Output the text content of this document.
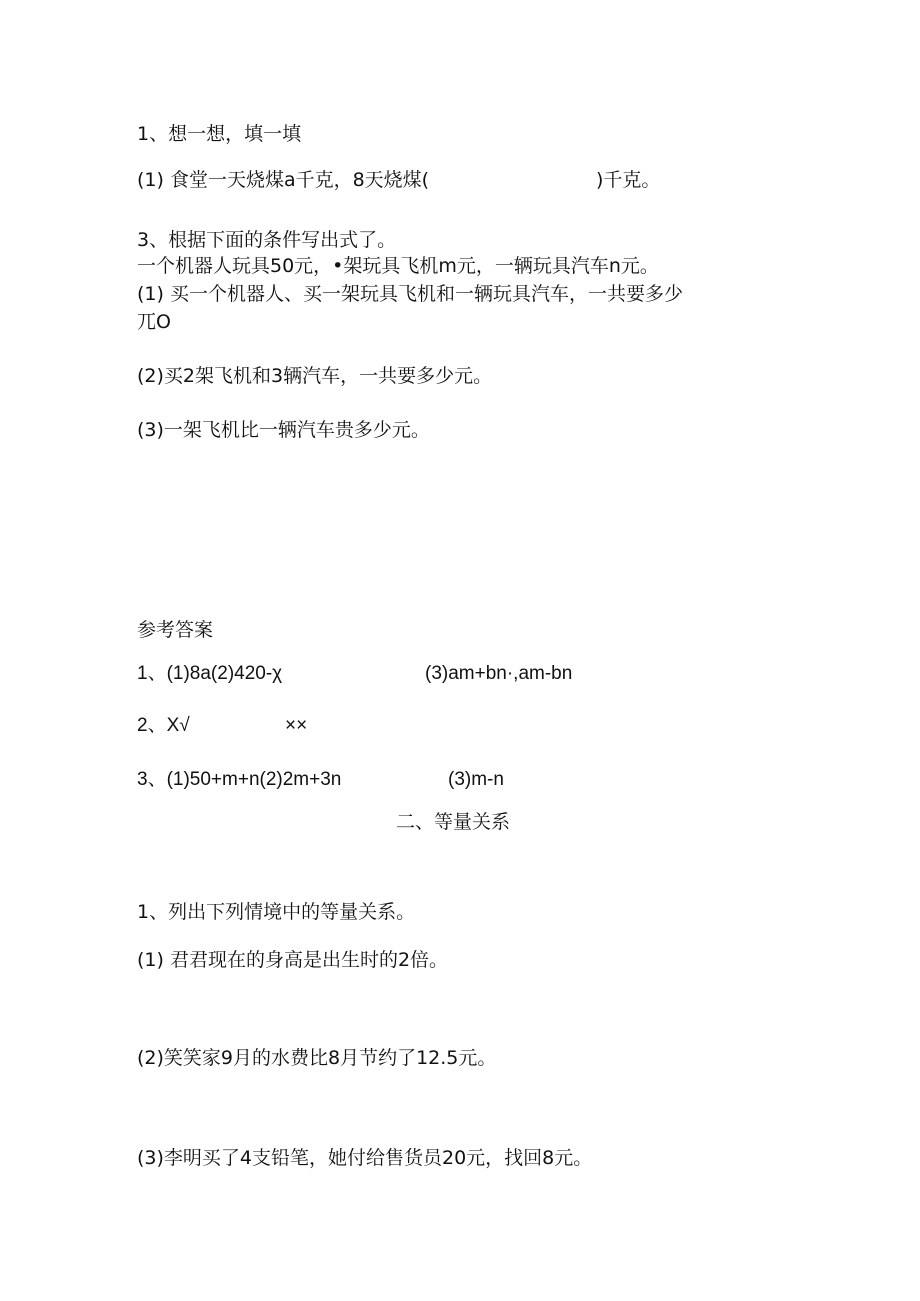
1、想一想，填一填
(1) 食堂一天烧煤a千克，8天烧煤(	)千克。
3、根据下面的条件写出式了。
一个机器人玩具50元，•架玩具飞机m元，一辆玩具汽车n元。
(1) 买一个机器人、买一架玩具飞机和一辆玩具汽车，一共要多少
兀O
(2)买2架飞机和3辆汽车，一共要多少元。
(3)一架飞机比一辆汽车贵多少元。
参考答案
1、(1)8a(2)420-χ	(3)am+bn·,am-bn
2、X√	××
3、(1)50+m+n(2)2m+3n	(3)m-n
二、等量关系
1、列出下列情境中的等量关系。
(1) 君君现在的身高是出生时的2倍。
(2)笑笑家9月的水费比8月节约了12.5元。
(3)李明买了4支铅笔，她付给售货员20元，找回8元。
